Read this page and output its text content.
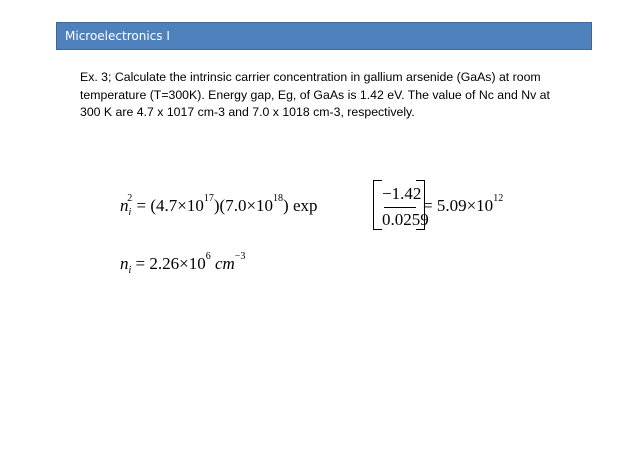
Microelectronics I
Ex. 3; Calculate the intrinsic carrier concentration in gallium arsenide (GaAs) at room temperature (T=300K). Energy gap, Eg, of GaAs is 1.42 eV. The value of Nc and Nv at 300 K are 4.7 x 1017 cm-3 and 7.0 x 1018 cm-3, respectively.
$n_i^2 = (4.7\times 10^{17})(7.0\times 10^{18})$ exp
−1.42
0.0259
= $5.09\times 10^{12}$
$n_i = 2.26\times 10^6$ $cm^{-3}$
